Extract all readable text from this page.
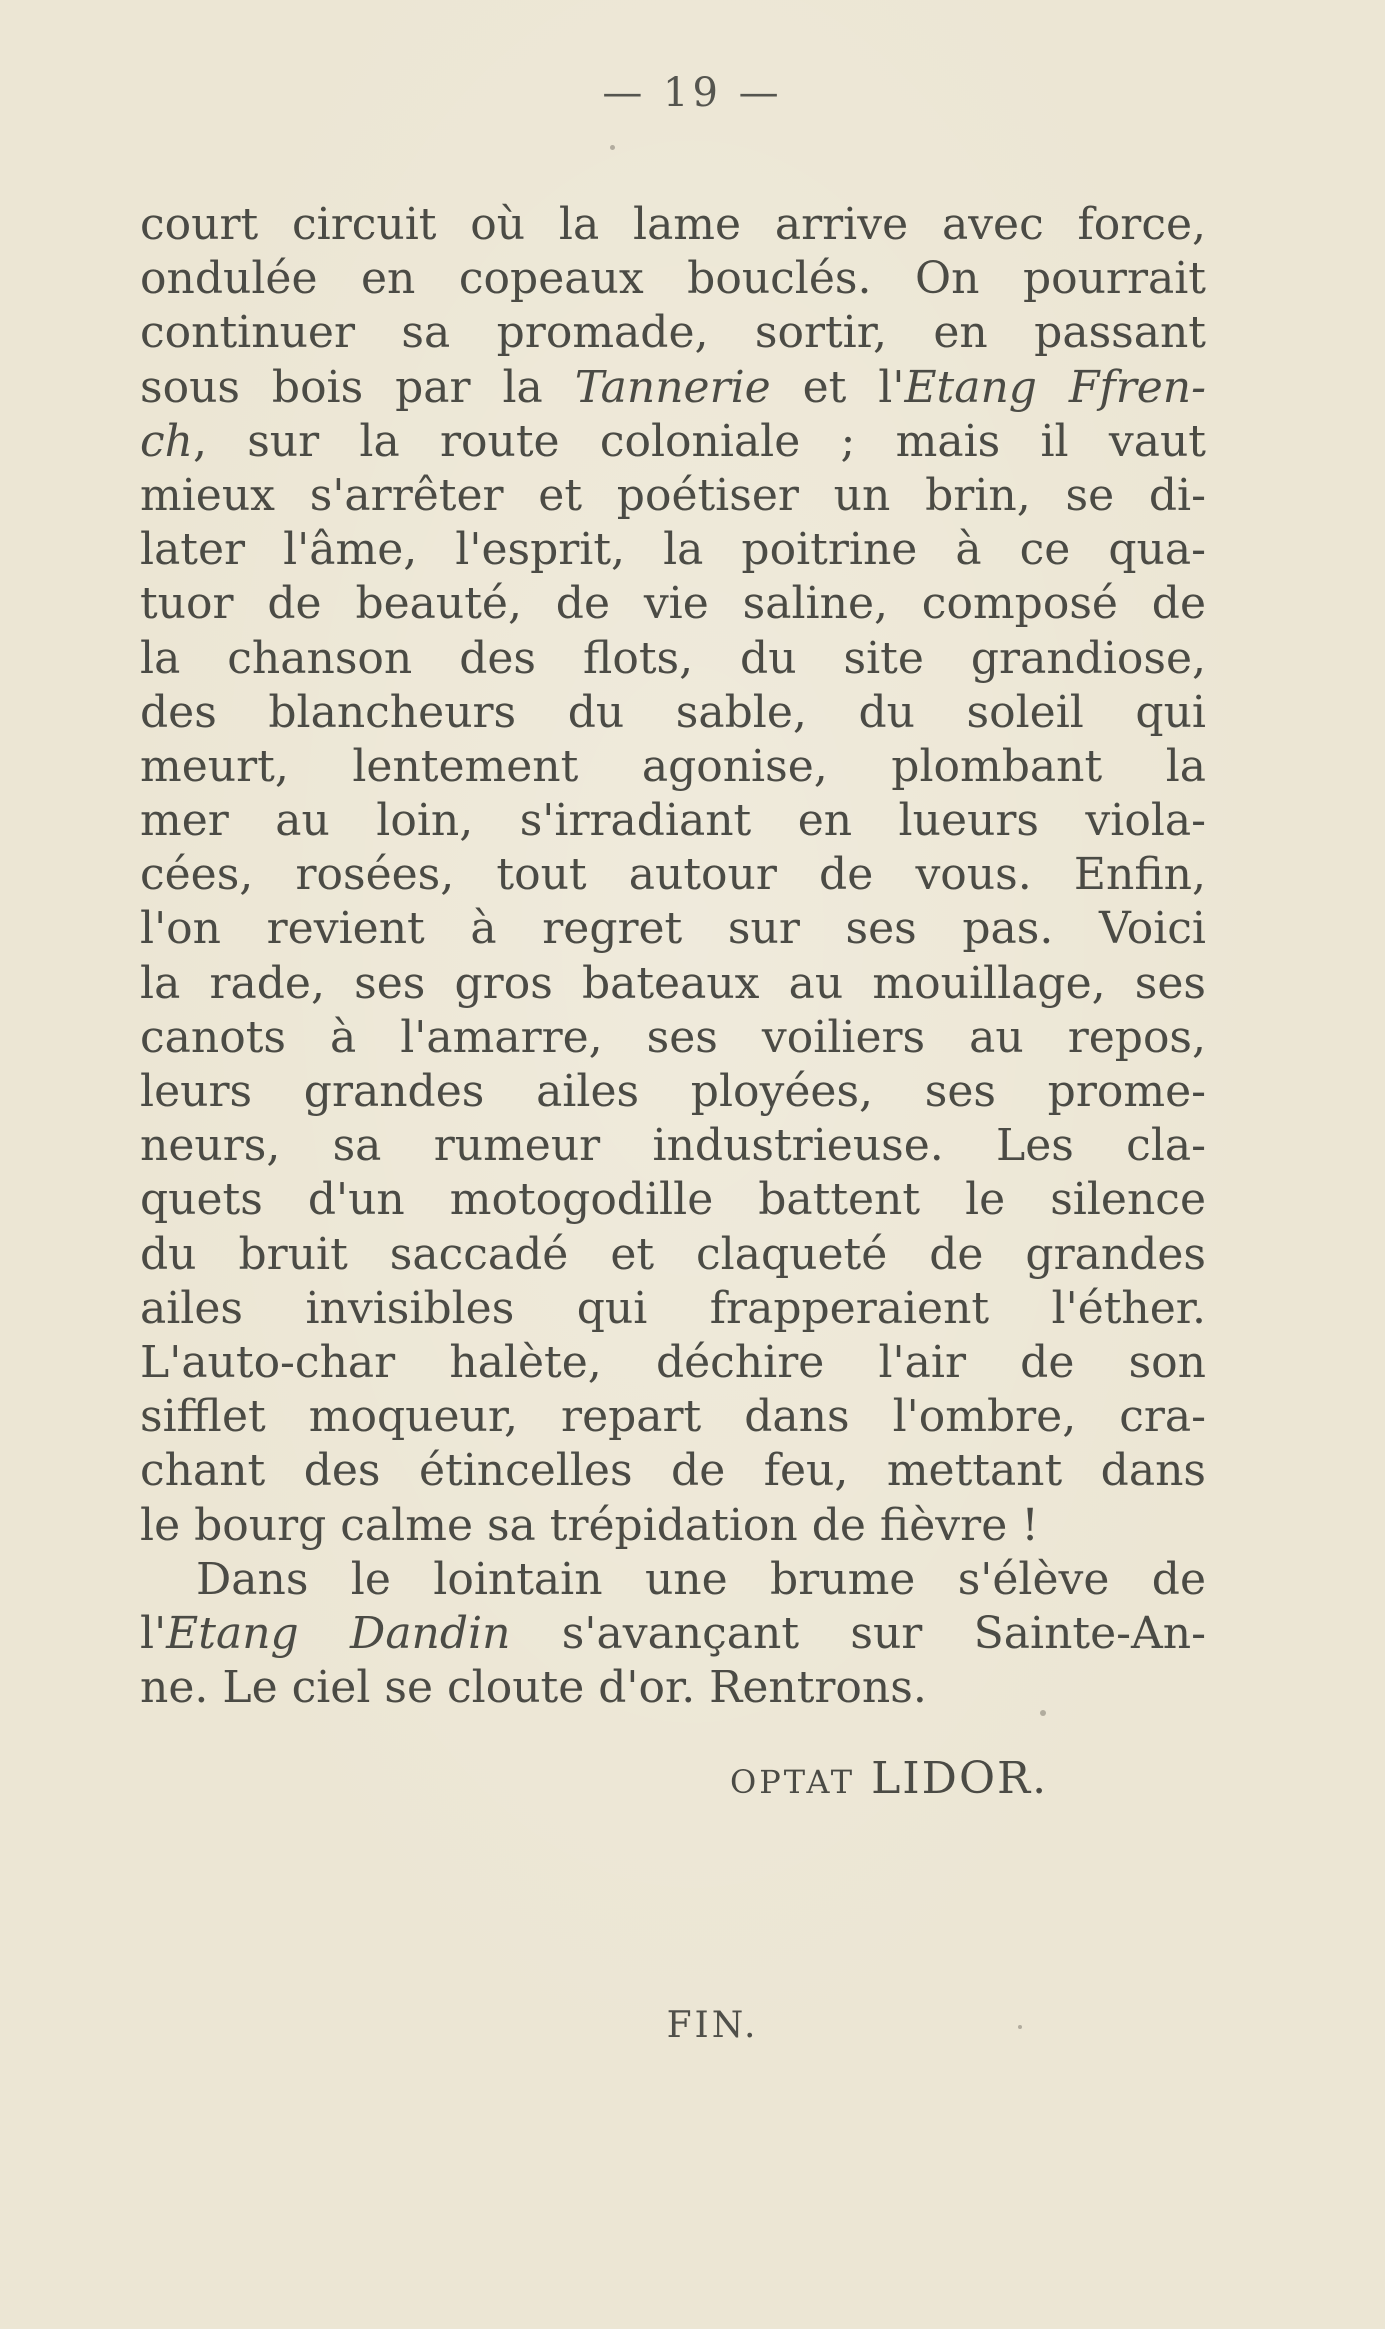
— 19 —
court circuit où la lame arrive avec force,
ondulée en copeaux bouclés. On pourrait
continuer sa promade, sortir, en passant
sous bois par la Tannerie et l'Etang Ffren-
ch, sur la route coloniale ; mais il vaut
mieux s'arrêter et poétiser un brin, se di-
later l'âme, l'esprit, la poitrine à ce qua-
tuor de beauté, de vie saline, composé de
la chanson des flots, du site grandiose,
des blancheurs du sable, du soleil qui
meurt, lentement agonise, plombant la
mer au loin, s'irradiant en lueurs viola-
cées, rosées, tout autour de vous. Enfin,
l'on revient à regret sur ses pas. Voici
la rade, ses gros bateaux au mouillage, ses
canots à l'amarre, ses voiliers au repos,
leurs grandes ailes ployées, ses prome-
neurs, sa rumeur industrieuse. Les cla-
quets d'un motogodille battent le silence
du bruit saccadé et claqueté de grandes
ailes invisibles qui frapperaient l'éther.
L'auto-char halète, déchire l'air de son
sifflet moqueur, repart dans l'ombre, cra-
chant des étincelles de feu, mettant dans
le bourg calme sa trépidation de fièvre !
Dans le lointain une brume s'élève de
l'Etang Dandin s'avançant sur Sainte-An-
ne. Le ciel se cloute d'or. Rentrons.
OPTAT LIDOR.
FIN.
